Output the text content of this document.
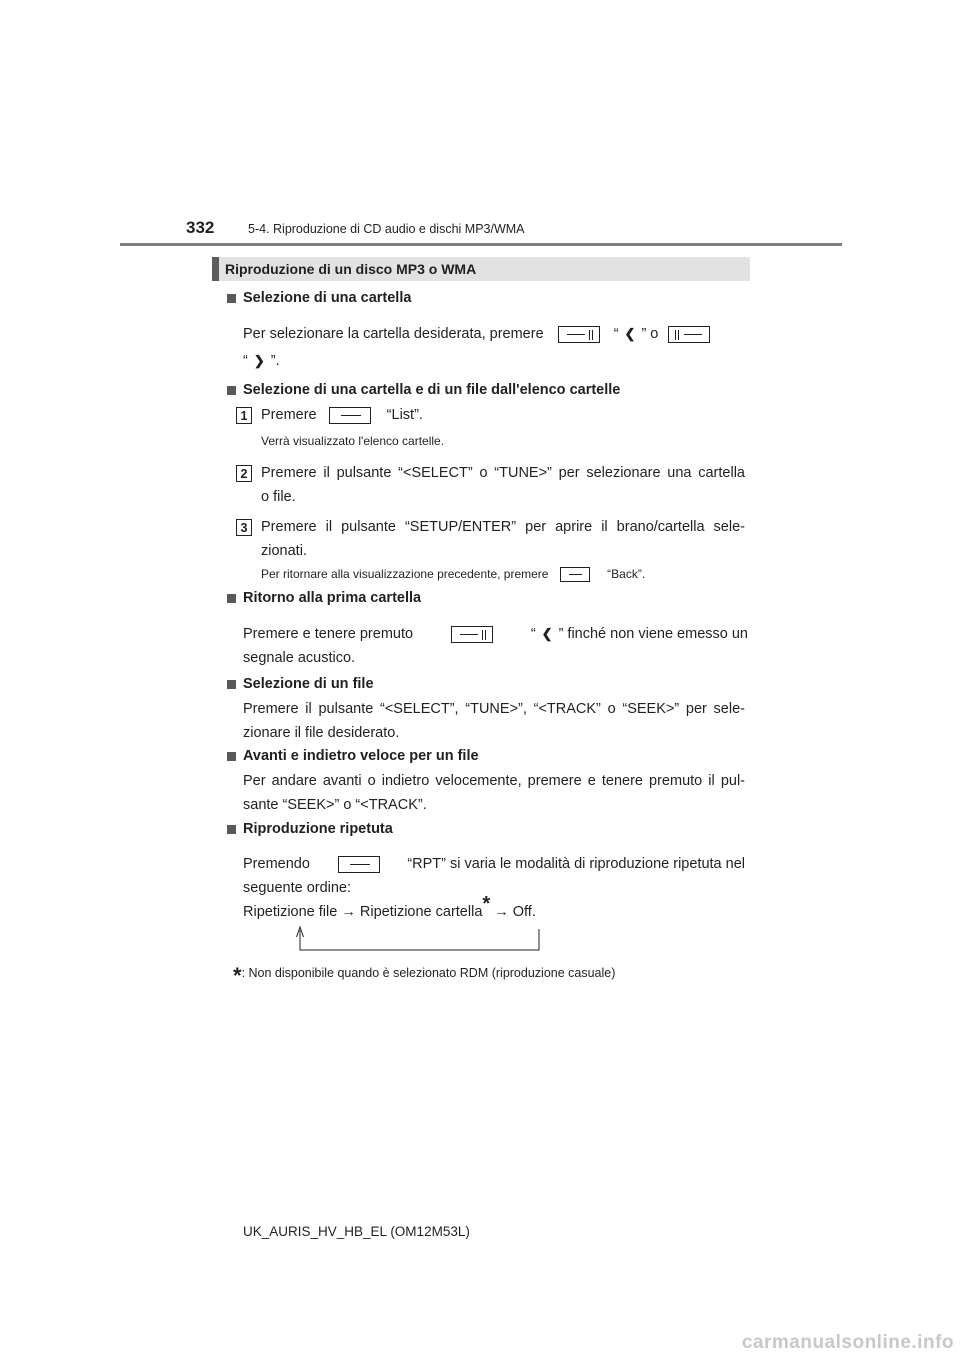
332	5-4. Riproduzione di CD audio e dischi MP3/WMA
Riproduzione di un disco MP3 o WMA
Selezione di una cartella
Per selezionare la cartella desiderata, premere	“ ❮ ” o
“ ❯ ”.
Selezione di una cartella e di un file dall'elenco cartelle
1 Premere	“List”.
Verrà visualizzato l'elenco cartelle.
2 Premere il pulsante “<SELECT” o “TUNE>” per selezionare una cartella
o file.
3 Premere il pulsante “SETUP/ENTER” per aprire il brano/cartella sele-
zionati.
Per ritornare alla visualizzazione precedente, premere	“Back”.
Ritorno alla prima cartella
Premere e tenere premuto	“ ❮ ” finché non viene emesso un
segnale acustico.
Selezione di un file
Premere il pulsante “<SELECT”, “TUNE>”, “<TRACK” o “SEEK>” per sele-
zionare il file desiderato.
Avanti e indietro veloce per un file
Per andare avanti o indietro velocemente, premere e tenere premuto il pul-
sante “SEEK>” o “<TRACK”.
Riproduzione ripetuta
Premendo	“RPT” si varia le modalità di riproduzione ripetuta nel
seguente ordine:
Ripetizione file → Ripetizione cartella* → Off.
*: Non disponibile quando è selezionato RDM (riproduzione casuale)
UK_AURIS_HV_HB_EL (OM12M53L)
carmanualsonline.info
